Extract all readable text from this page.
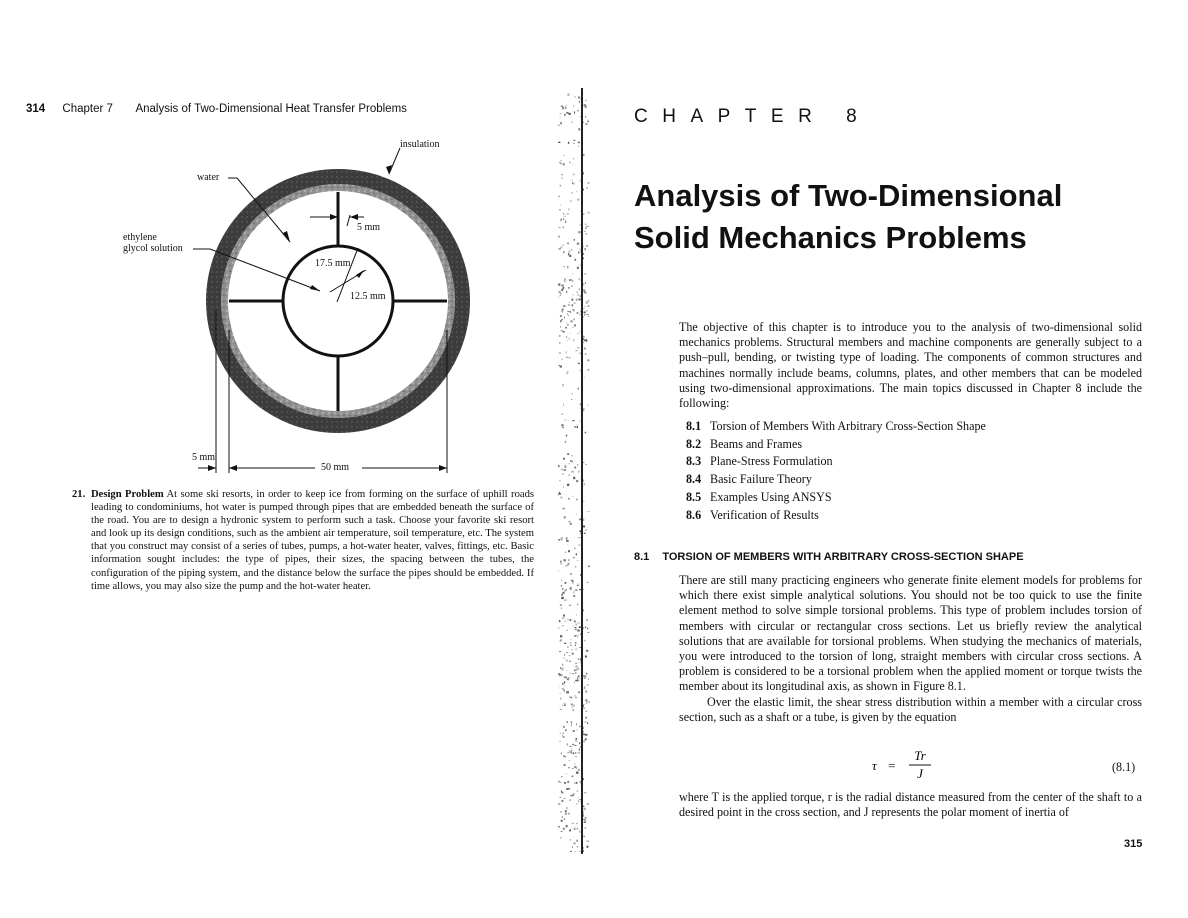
314 Chapter 7 Analysis of Two-Dimensional Heat Transfer Problems
insulation
water
ethylene
glycol solution
5 mm
17.5 mm
12.5 mm
5 mm
50 mm
21. Design Problem At some ski resorts, in order to keep ice from forming on the surface of uphill roads leading to condominiums, hot water is pumped through pipes that are embedded beneath the surface of the road. You are to design a hydronic system to perform such a task. Choose your favorite ski resort and look up its design conditions, such as the ambient air temperature, soil temperature, etc. The system that you construct may consist of a series of tubes, pumps, a hot-water heater, valves, fittings, etc. Basic information sought includes: the type of pipes, their sizes, the spacing between the tubes, the configuration of the piping system, and the distance below the surface the pipes should be embedded. If time allows, you may also size the pump and the hot-water heater.
CHAPTER 8
Analysis of Two-Dimensional
Solid Mechanics Problems
The objective of this chapter is to introduce you to the analysis of two-dimensional solid mechanics problems. Structural members and machine components are generally subject to a push–pull, bending, or twisting type of loading. The components of common structures and machines normally include beams, columns, plates, and other members that can be modeled using two-dimensional approximations. The main topics discussed in Chapter 8 include the following:
8.1 Torsion of Members With Arbitrary Cross-Section Shape
8.2 Beams and Frames
8.3 Plane-Stress Formulation
8.4 Basic Failure Theory
8.5 Examples Using ANSYS
8.6 Verification of Results
8.1 TORSION OF MEMBERS WITH ARBITRARY CROSS-SECTION SHAPE

There are still many practicing engineers who generate finite element models for problems for which there exist simple analytical solutions. You should not be too quick to use the finite element method to solve simple torsional problems. This type of problem includes torsion of members with circular or rectangular cross sections. Let us briefly review the analytical solutions that are available for torsional problems. When studying the mechanics of materials, you were introduced to the torsion of long, straight members with circular cross sections. A problem is considered to be a torsional problem when the applied moment or torque twists the member about its longitudinal axis, as shown in Figure 8.1.

Over the elastic limit, the shear stress distribution within a member with a circular cross section, such as a shaft or a tube, is given by the equation

τ =
Tr
J	(8.1)
where T is the applied torque, r is the radial distance measured from the center of the shaft to a desired point in the cross section, and J represents the polar moment of inertia of
315
